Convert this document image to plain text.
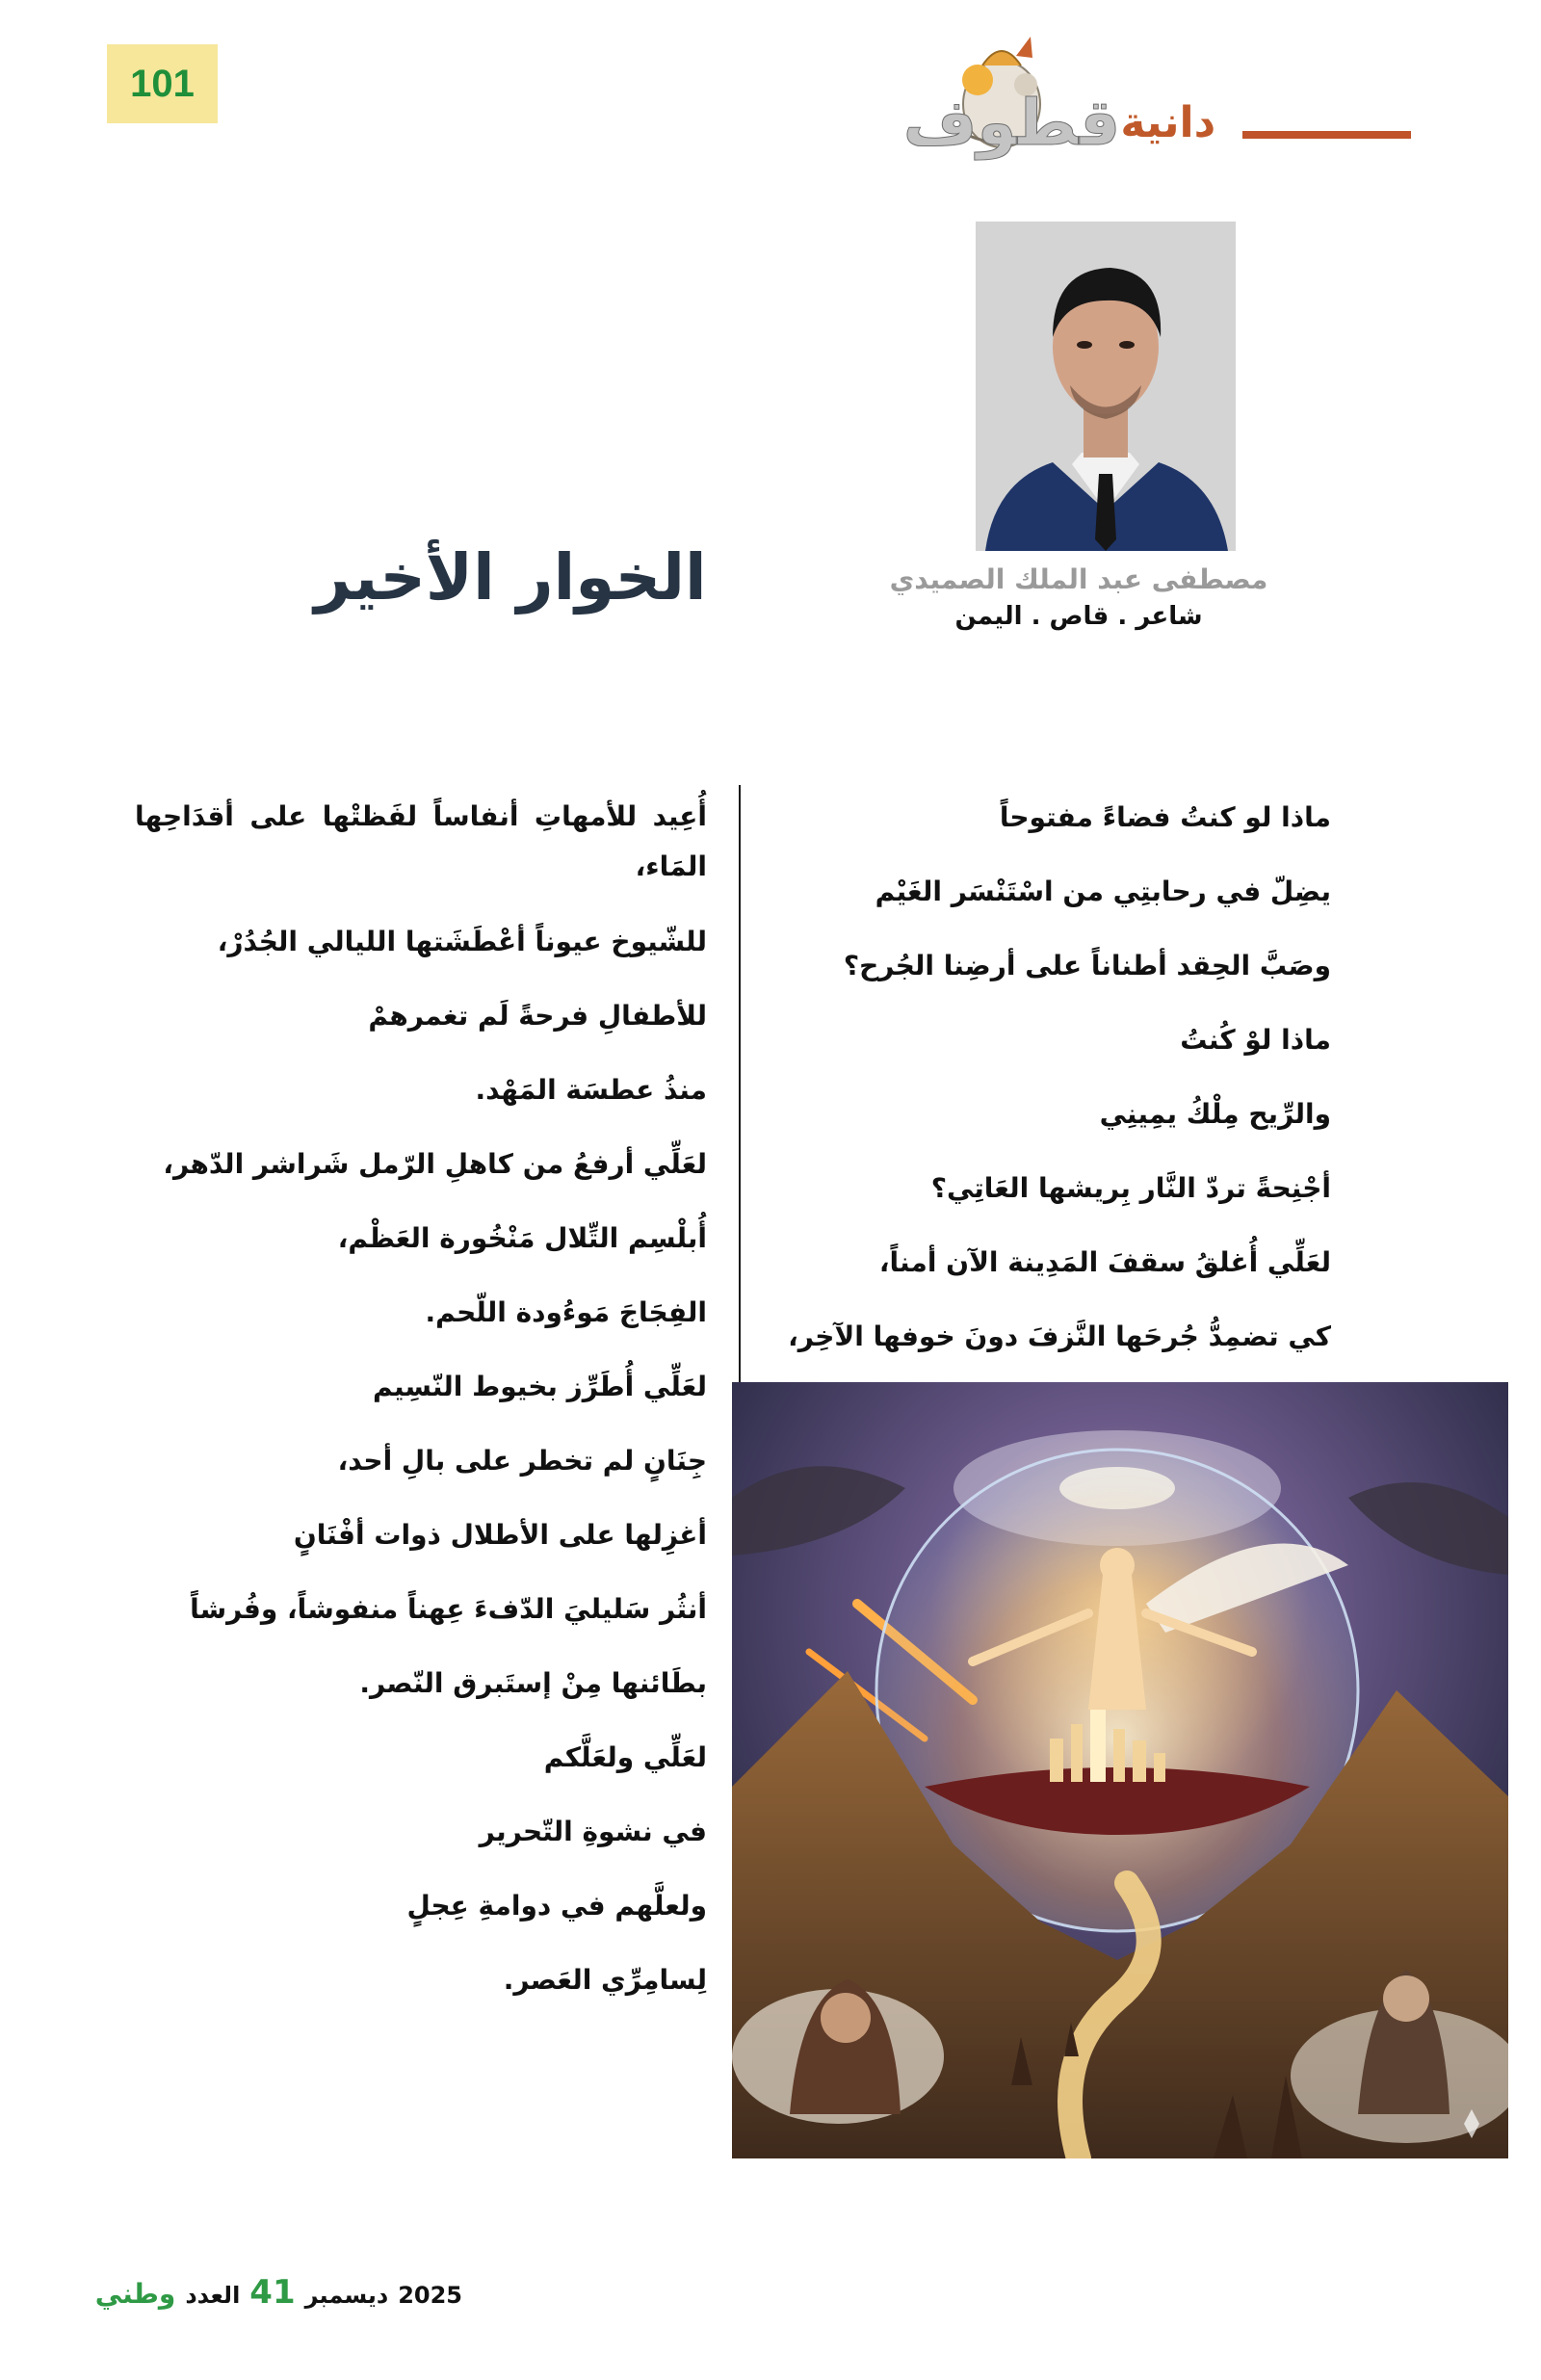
101
$^{دانية}$قطوف
الخوار الأخير	مصطفى عبد الملك الصميدي
شاعر . قاص . اليمن

ماذا لو كنتُ فضاءً مفتوحاً

يضِلّ في رحابتِي من اسْتَنْسَر الغَيْم

وصَبَّ الحِقد أطناناً على أرضِنا الجُرح؟

ماذا لوْ كُنتُ

والرِّيح مِلْكُ يمِينِي

أجْنِحةً تردّ النَّار بِريشها العَاتِي؟

لعَلِّي أُغلقُ سقفَ المَدِينة الآن أمناً،

كي تضمِدُّ جُرحَها النَّزفَ دونَ خوفها الآخِر،

أُعِيد للأمهاتِ أنفاساً لفَظتْها على أقدَاحِها المَاء،

للشّيوخ عيوناً أعْطَشَتها الليالي الجُدُرْ،

للأطفالِ فرحةً لَم تغمرهمْ

منذُ عطسَة المَهْد.

لعَلِّي أرفعُ من كاهلِ الرّمل شَراشر الدّهر،

أُبلْسِم التِّلال مَنْخُورة العَظْم،

الفِجَاجَ مَوءُودة اللّحم.

لعَلِّي أُطَرِّز بخيوط النّسِيم

جِنَانٍ لم تخطر على بالِ أحد،

أغزِلها على الأطلال ذوات أفْنَانٍ

أنثُر سَليليَ الدّفءَ عِهناً منفوشاً، وفُرشاً

بطَائنها مِنْ إستَبرق النّصر.

لعَلِّي ولعَلَّكم

في نشوةِ التّحرير

ولعلَّهم في دوامةِ عِجلٍ

لِسامِرِّي العَصر.

وطني العدد 41 ديسمبر 2025
